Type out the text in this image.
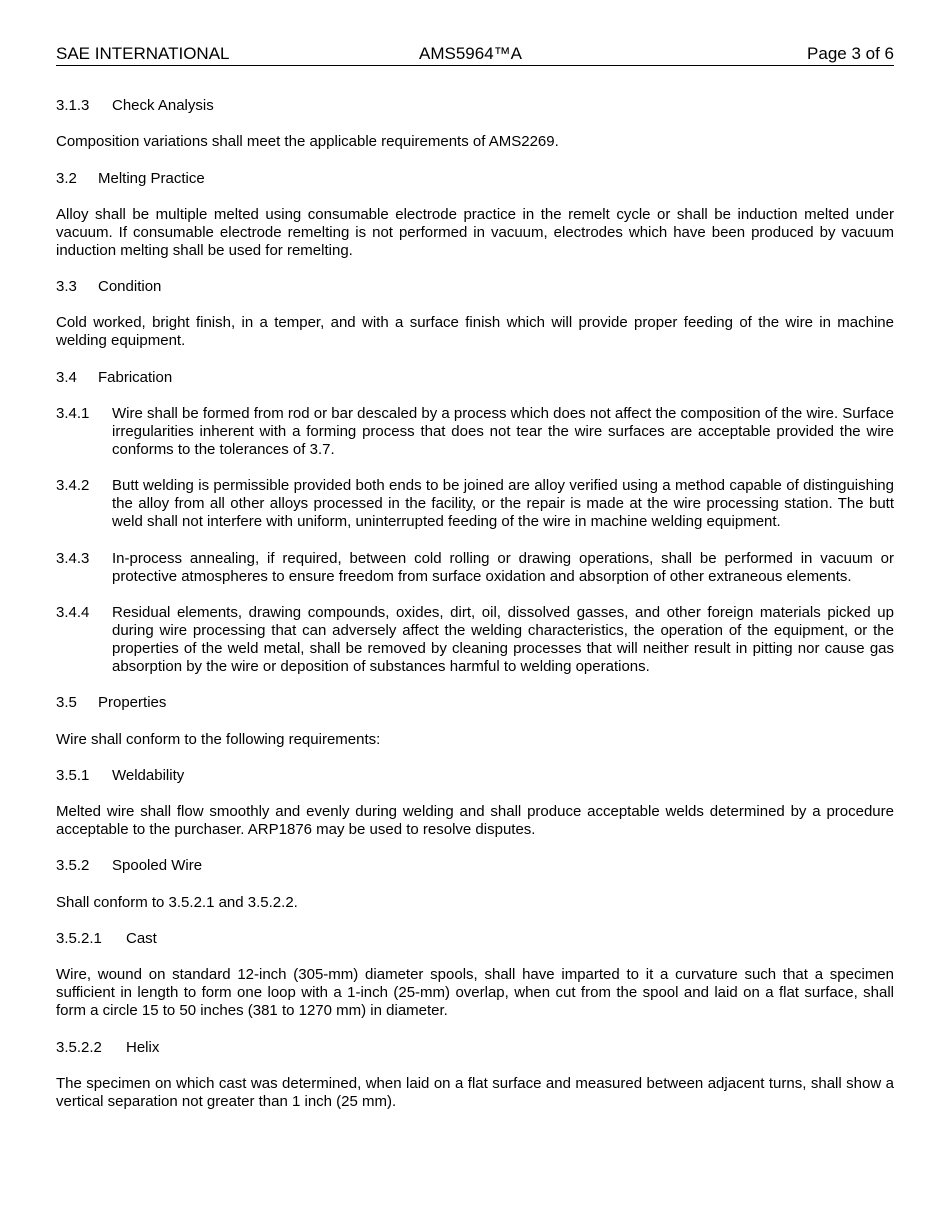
SAE INTERNATIONAL	AMS5964™A	Page 3 of 6

3.1.3 Check Analysis

Composition variations shall meet the applicable requirements of AMS2269.

3.2 Melting Practice

Alloy shall be multiple melted using consumable electrode practice in the remelt cycle or shall be induction melted under vacuum. If consumable electrode remelting is not performed in vacuum, electrodes which have been produced by vacuum induction melting shall be used for remelting.

3.3 Condition

Cold worked, bright finish, in a temper, and with a surface finish which will provide proper feeding of the wire in machine welding equipment.

3.4 Fabrication

3.4.1 Wire shall be formed from rod or bar descaled by a process which does not affect the composition of the wire. Surface irregularities inherent with a forming process that does not tear the wire surfaces are acceptable provided the wire conforms to the tolerances of 3.7.

3.4.2 Butt welding is permissible provided both ends to be joined are alloy verified using a method capable of distinguishing the alloy from all other alloys processed in the facility, or the repair is made at the wire processing station. The butt weld shall not interfere with uniform, uninterrupted feeding of the wire in machine welding equipment.

3.4.3 In-process annealing, if required, between cold rolling or drawing operations, shall be performed in vacuum or protective atmospheres to ensure freedom from surface oxidation and absorption of other extraneous elements.

3.4.4 Residual elements, drawing compounds, oxides, dirt, oil, dissolved gasses, and other foreign materials picked up during wire processing that can adversely affect the welding characteristics, the operation of the equipment, or the properties of the weld metal, shall be removed by cleaning processes that will neither result in pitting nor cause gas absorption by the wire or deposition of substances harmful to welding operations.

3.5 Properties

Wire shall conform to the following requirements:

3.5.1 Weldability

Melted wire shall flow smoothly and evenly during welding and shall produce acceptable welds determined by a procedure acceptable to the purchaser. ARP1876 may be used to resolve disputes.

3.5.2 Spooled Wire

Shall conform to 3.5.2.1 and 3.5.2.2.

3.5.2.1 Cast

Wire, wound on standard 12-inch (305-mm) diameter spools, shall have imparted to it a curvature such that a specimen sufficient in length to form one loop with a 1-inch (25-mm) overlap, when cut from the spool and laid on a flat surface, shall form a circle 15 to 50 inches (381 to 1270 mm) in diameter.

3.5.2.2 Helix

The specimen on which cast was determined, when laid on a flat surface and measured between adjacent turns, shall show a vertical separation not greater than 1 inch (25 mm).
